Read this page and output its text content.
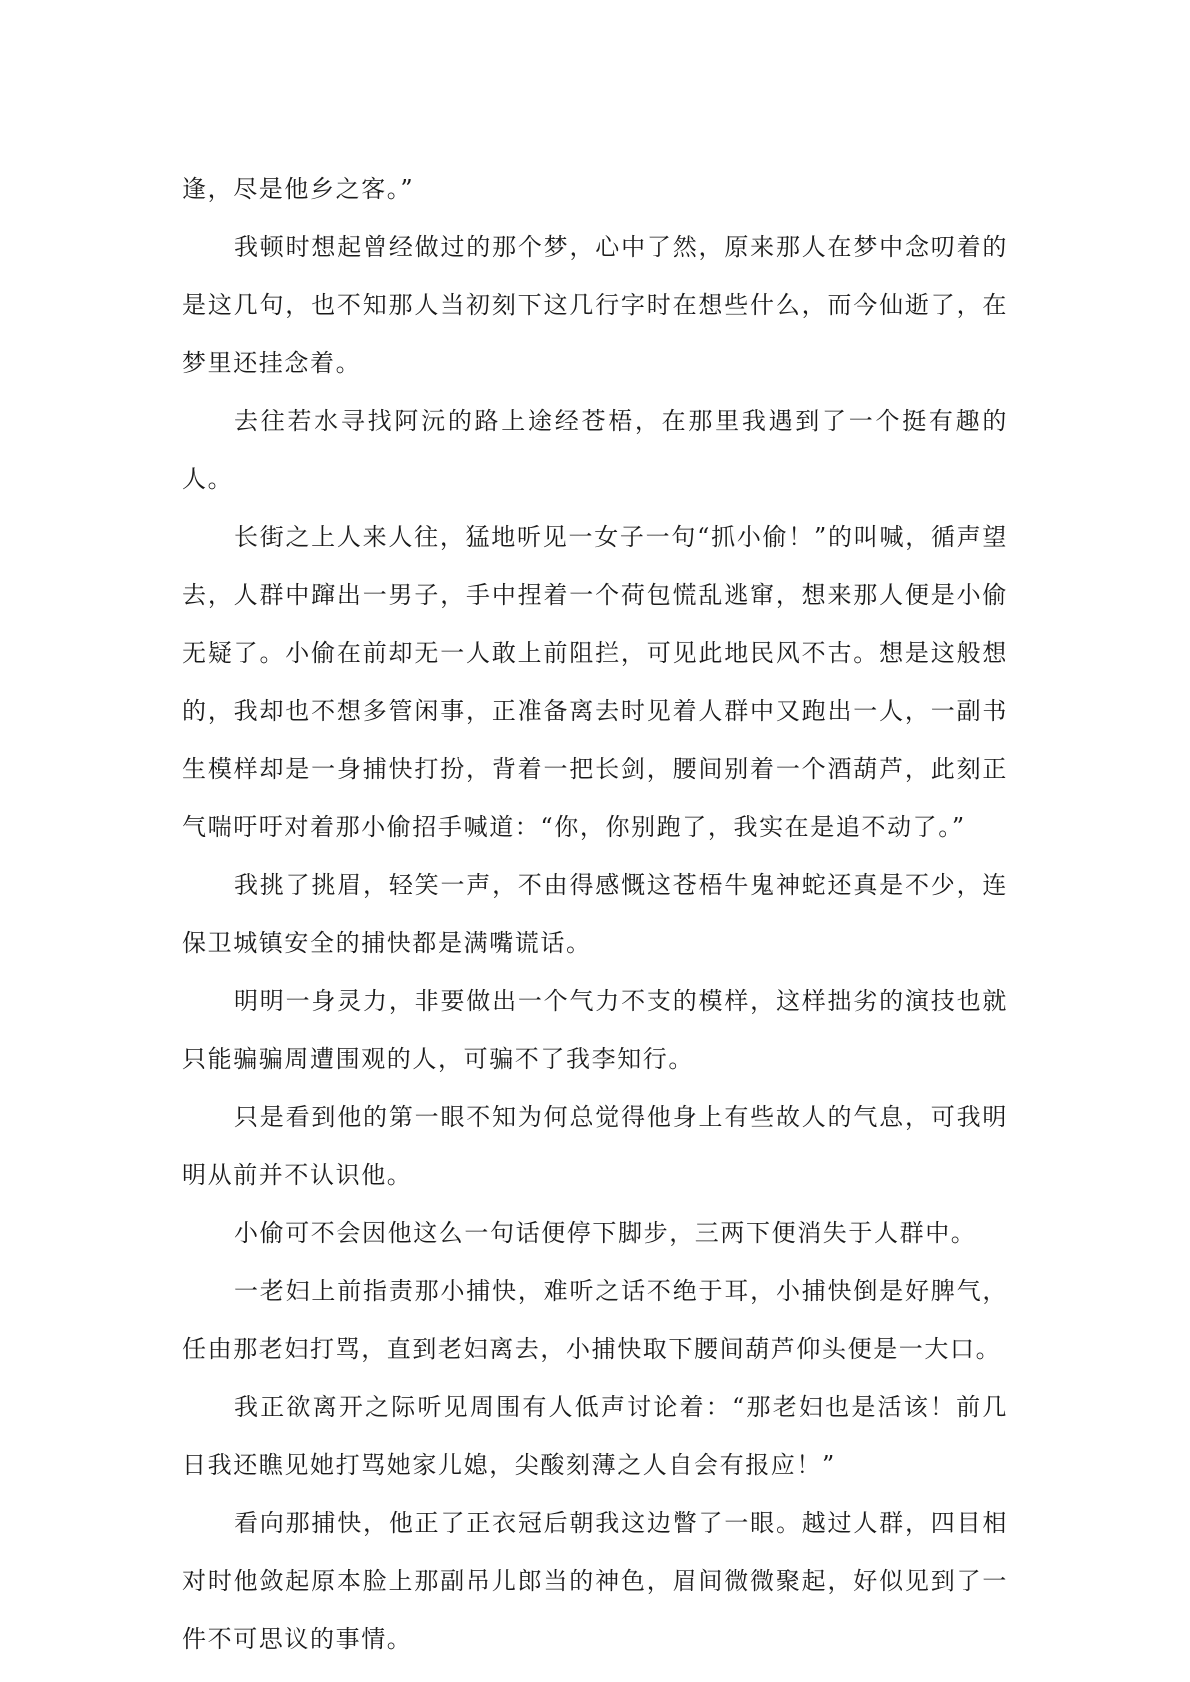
逢，尽是他乡之客。”

我顿时想起曾经做过的那个梦，心中了然，原来那人在梦中念叨着的是这几句，也不知那人当初刻下这几行字时在想些什么，而今仙逝了，在梦里还挂念着。

去往若水寻找阿沅的路上途经苍梧，在那里我遇到了一个挺有趣的人。

长街之上人来人往，猛地听见一女子一句“抓小偷！”的叫喊，循声望去，人群中蹿出一男子，手中捏着一个荷包慌乱逃窜，想来那人便是小偷无疑了。小偷在前却无一人敢上前阻拦，可见此地民风不古。想是这般想的，我却也不想多管闲事，正准备离去时见着人群中又跑出一人，一副书生模样却是一身捕快打扮，背着一把长剑，腰间别着一个酒葫芦，此刻正气喘吁吁对着那小偷招手喊道：“你，你别跑了，我实在是追不动了。”

我挑了挑眉，轻笑一声，不由得感慨这苍梧牛鬼神蛇还真是不少，连保卫城镇安全的捕快都是满嘴谎话。

明明一身灵力，非要做出一个气力不支的模样，这样拙劣的演技也就只能骗骗周遭围观的人，可骗不了我李知行。

只是看到他的第一眼不知为何总觉得他身上有些故人的气息，可我明明从前并不认识他。

小偷可不会因他这么一句话便停下脚步，三两下便消失于人群中。

一老妇上前指责那小捕快，难听之话不绝于耳，小捕快倒是好脾气，任由那老妇打骂，直到老妇离去，小捕快取下腰间葫芦仰头便是一大口。

我正欲离开之际听见周围有人低声讨论着：“那老妇也是活该！前几日我还瞧见她打骂她家儿媳，尖酸刻薄之人自会有报应！”

看向那捕快，他正了正衣冠后朝我这边瞥了一眼。越过人群，四目相对时他敛起原本脸上那副吊儿郎当的神色，眉间微微聚起，好似见到了一件不可思议的事情。
